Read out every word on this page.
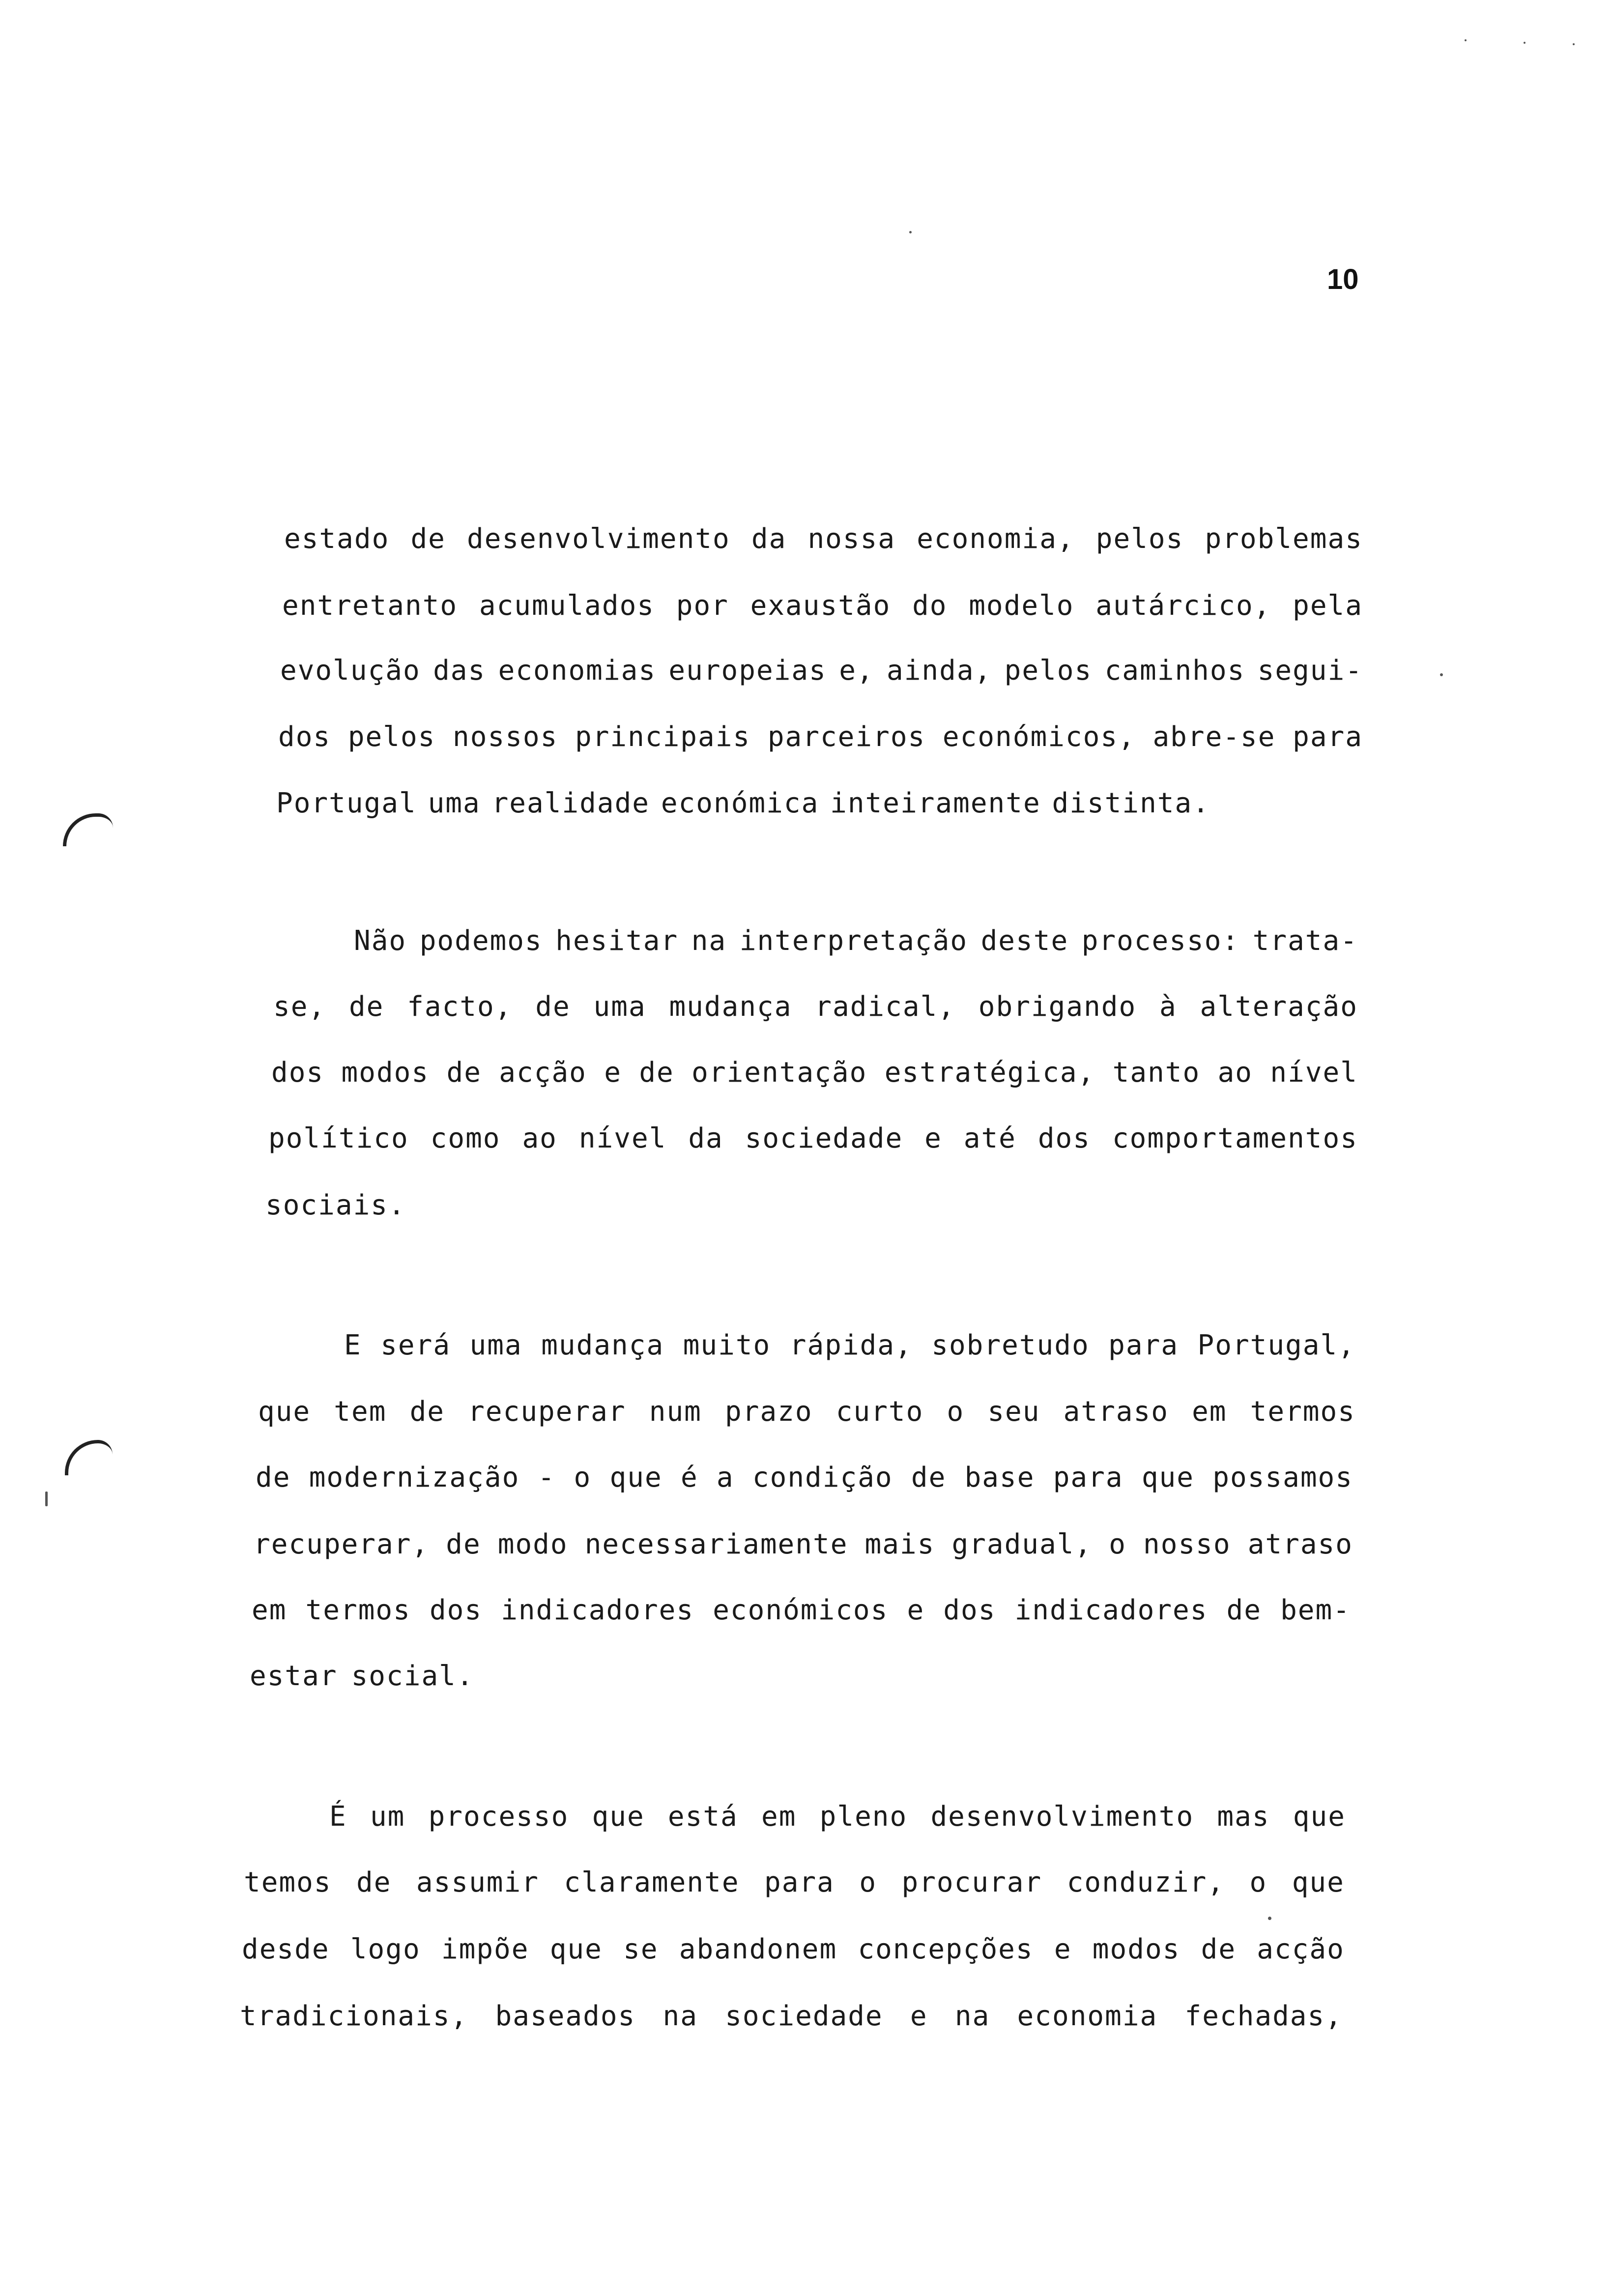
10
estado de desenvolvimento da nossa economia, pelos problemas
entretanto acumulados por exaustão do modelo autárcico, pela
evolução das economias europeias e, ainda, pelos caminhos segui-
dos pelos nossos principais parceiros económicos, abre-se para
Portugal uma realidade económica inteiramente distinta.
Não podemos hesitar na interpretação deste processo: trata-
se, de facto, de uma mudança radical, obrigando à alteração
dos modos de acção e de orientação estratégica, tanto ao nível
político como ao nível da sociedade e até dos comportamentos
sociais.
E será uma mudança muito rápida, sobretudo para Portugal,
que tem de recuperar num prazo curto o seu atraso em termos
de modernização - o que é a condição de base para que possamos
recuperar, de modo necessariamente mais gradual, o nosso atraso
em termos dos indicadores económicos e dos indicadores de bem-
estar social.
É um processo que está em pleno desenvolvimento mas que
temos de assumir claramente para o procurar conduzir, o que
desde logo impõe que se abandonem concepções e modos de acção
tradicionais, baseados na sociedade e na economia fechadas,
